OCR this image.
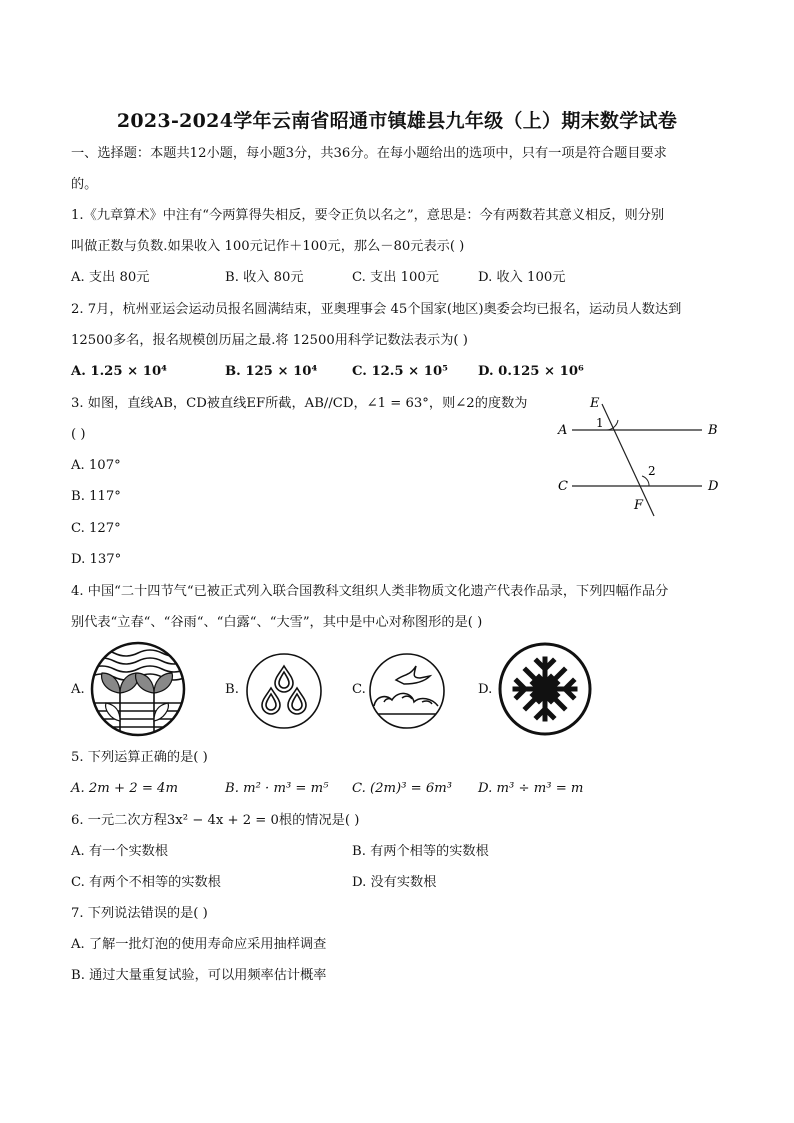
2023-2024学年云南省昭通市镇雄县九年级（上）期末数学试卷
一、选择题：本题共12小题，每小题3分，共36分。在每小题给出的选项中，只有一项是符合题目要求
的。
1.《九章算术》中注有“今两算得失相反，要令正负以名之”，意思是：今有两数若其意义相反，则分别
叫做正数与负数.如果收入 100元记作＋100元，那么－80元表示( )
A. 支出 80元	B. 收入 80元	C. 支出 100元	D. 收入 100元
2. 7月，杭州亚运会运动员报名圆满结束，亚奥理事会 45个国家(地区)奥委会均已报名，运动员人数达到
12500多名，报名规模创历届之最.将 12500用科学记数法表示为( )
A. 1.25 × 10⁴	B. 125 × 10⁴	C. 12.5 × 10⁵ D. 0.125 × 10⁶
3. 如图，直线AB，CD被直线EF所截，AB//CD，∠1 = 63°，则∠2的度数为
( )
A. 107°
B. 117°
C. 127°
D. 137°
E
A	B
C	D
F
1
2
4. 中国“二十四节气“已被正式列入联合国教科文组织人类非物质文化遗产代表作品录，下列四幅作品分
别代表“立春“、“谷雨“、“白露“、“大雪”，其中是中心对称图形的是( )
A.	B.	C.	D.
5. 下列运算正确的是( )
A. 2m + 2 = 4m	B. m² · m³ = m⁵ C. (2m)³ = 6m³ D. m³ ÷ m³ = m
6. 一元二次方程3x² − 4x + 2 = 0根的情况是( )
A. 有一个实数根	B. 有两个相等的实数根
C. 有两个不相等的实数根	D. 没有实数根
7. 下列说法错误的是( )
A. 了解一批灯泡的使用寿命应采用抽样调查
B. 通过大量重复试验，可以用频率估计概率
